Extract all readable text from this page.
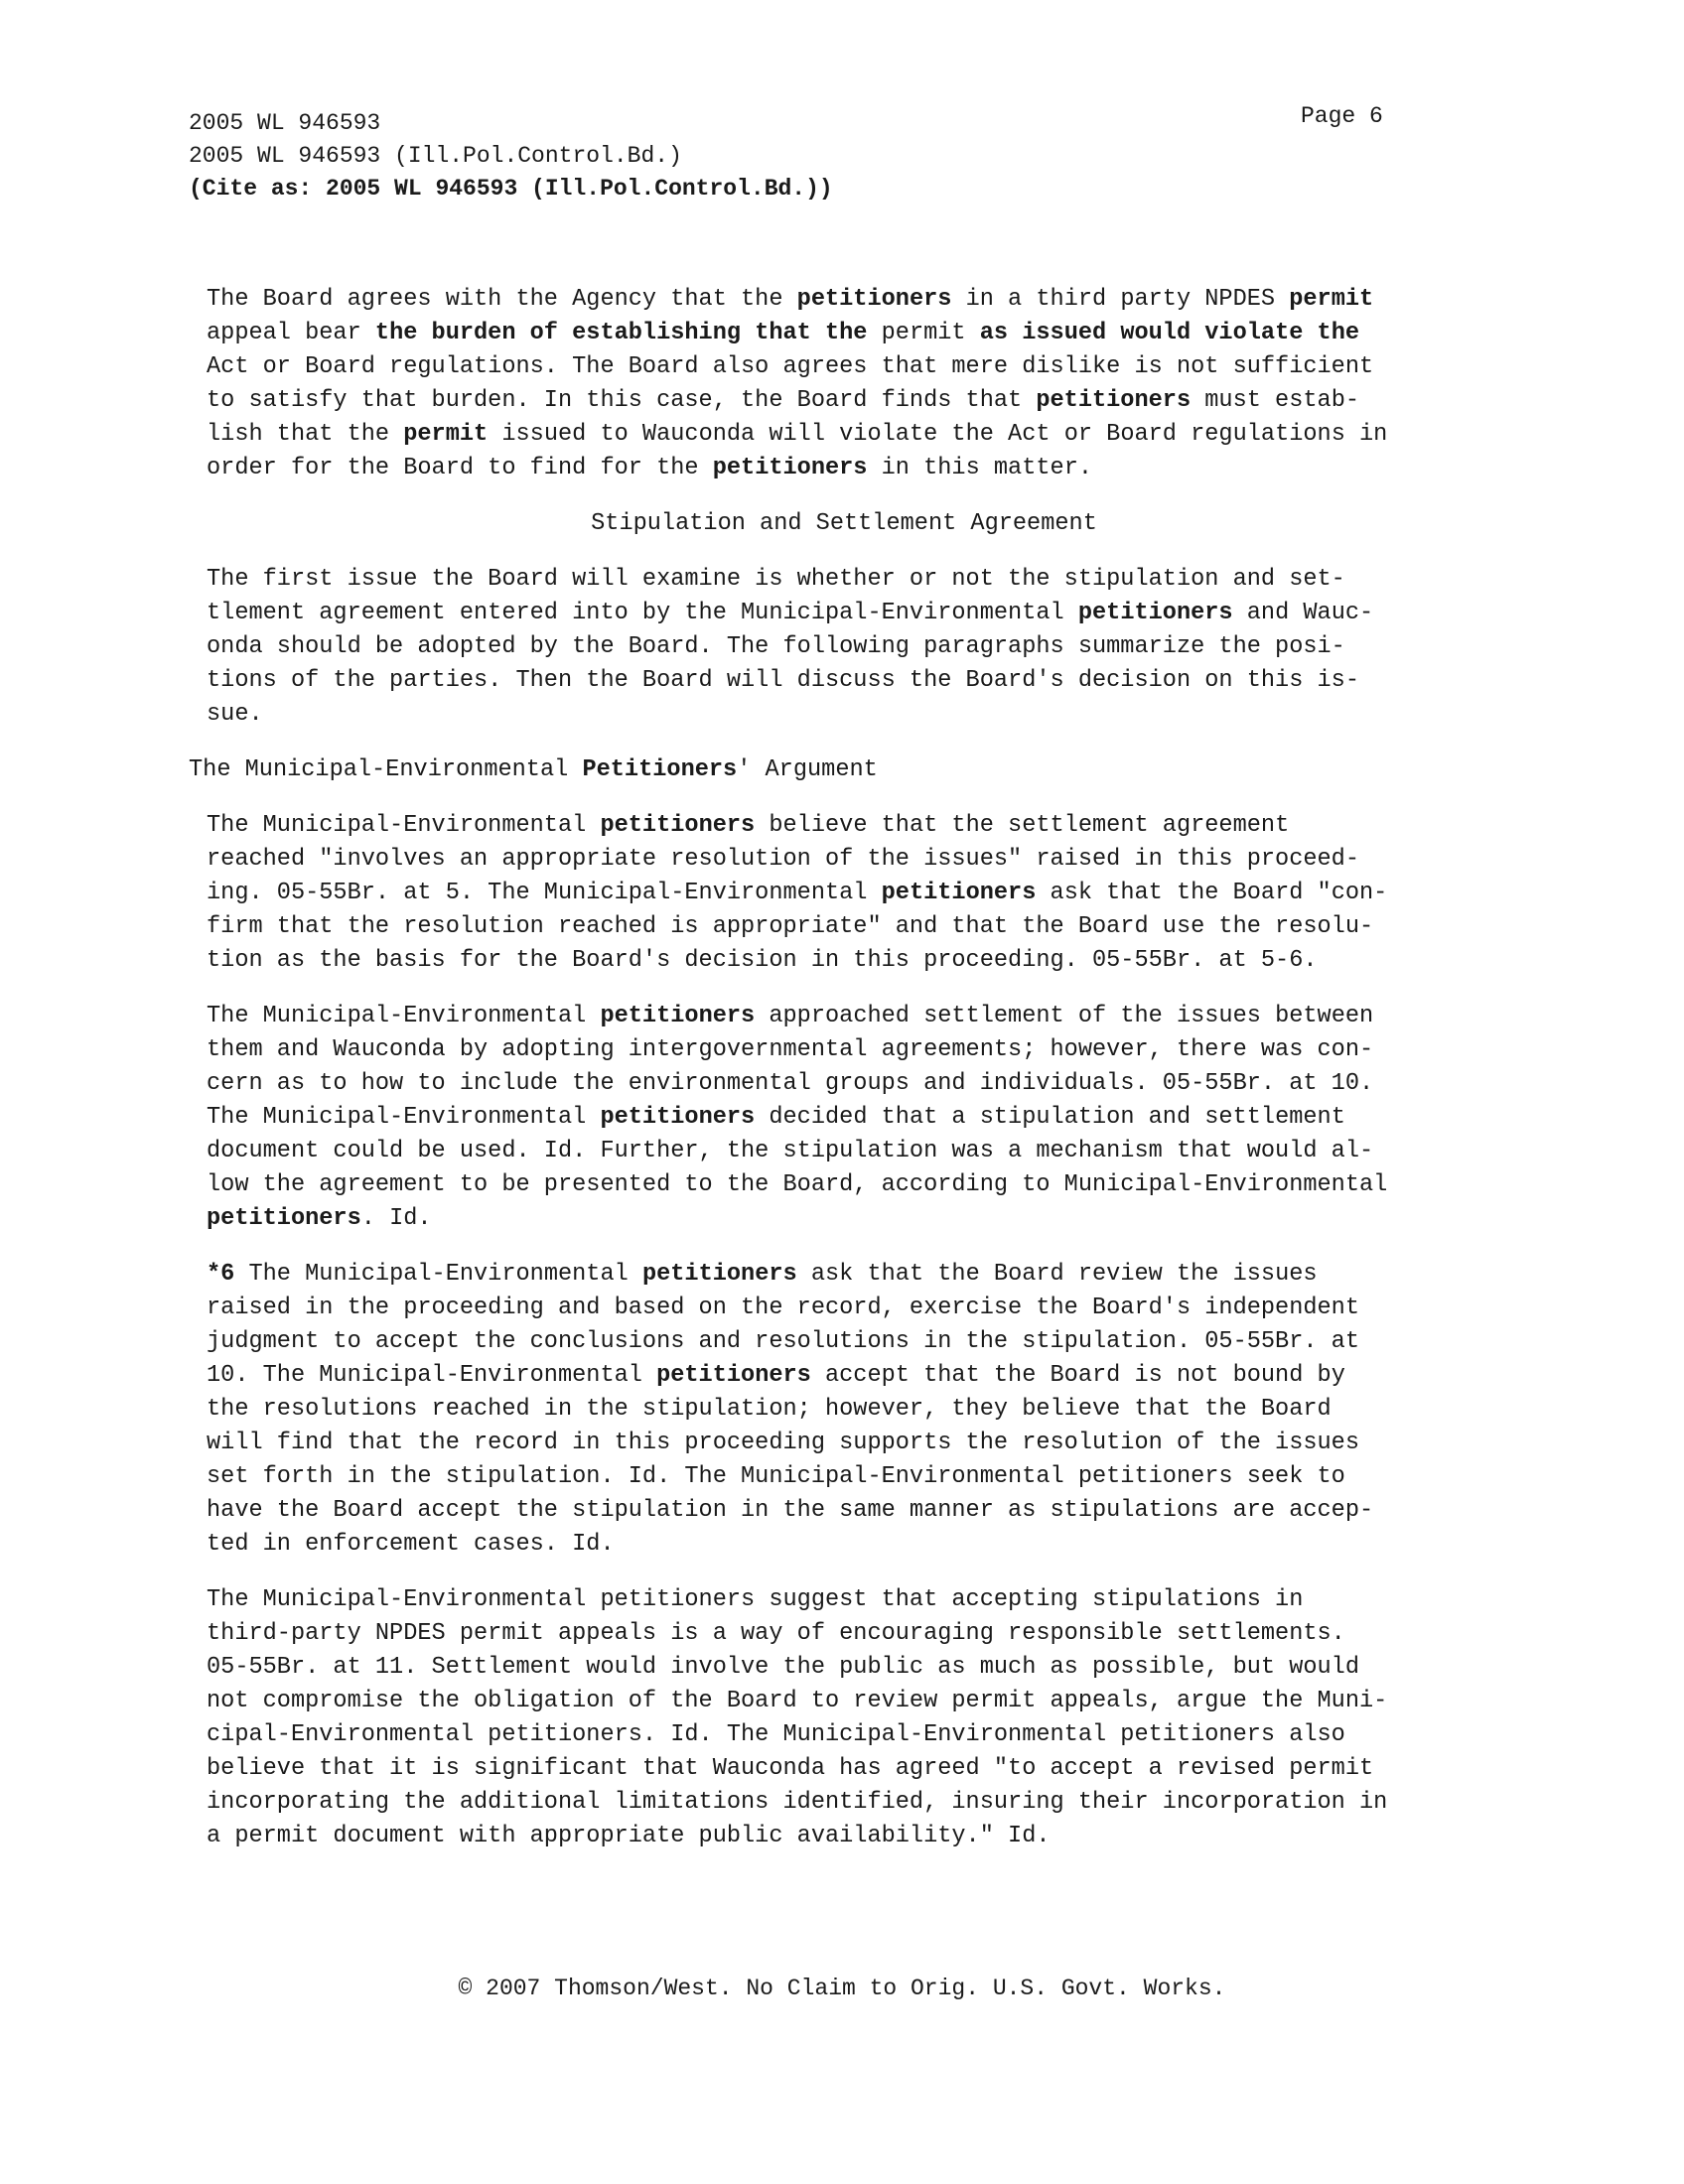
2005 WL 946593
2005 WL 946593 (Ill.Pol.Control.Bd.)
(Cite as: 2005 WL 946593 (Ill.Pol.Control.Bd.))
Page 6
The Board agrees with the Agency that the petitioners in a third party NPDES permit
appeal bear the burden of establishing that the permit as issued would violate the
Act or Board regulations. The Board also agrees that mere dislike is not sufficient
to satisfy that burden. In this case, the Board finds that petitioners must estab-
lish that the permit issued to Wauconda will violate the Act or Board regulations in
order for the Board to find for the petitioners in this matter.
Stipulation and Settlement Agreement
The first issue the Board will examine is whether or not the stipulation and set-
tlement agreement entered into by the Municipal-Environmental petitioners and Wauc-
onda should be adopted by the Board. The following paragraphs summarize the posi-
tions of the parties. Then the Board will discuss the Board's decision on this is-
sue.
The Municipal-Environmental Petitioners' Argument
The Municipal-Environmental petitioners believe that the settlement agreement
reached "involves an appropriate resolution of the issues" raised in this proceed-
ing. 05-55Br. at 5. The Municipal-Environmental petitioners ask that the Board "con-
firm that the resolution reached is appropriate" and that the Board use the resolu-
tion as the basis for the Board's decision in this proceeding. 05-55Br. at 5-6.
The Municipal-Environmental petitioners approached settlement of the issues between
them and Wauconda by adopting intergovernmental agreements; however, there was con-
cern as to how to include the environmental groups and individuals. 05-55Br. at 10.
The Municipal-Environmental petitioners decided that a stipulation and settlement
document could be used. Id. Further, the stipulation was a mechanism that would al-
low the agreement to be presented to the Board, according to Municipal-Environmental
petitioners. Id.
*6 The Municipal-Environmental petitioners ask that the Board review the issues
raised in the proceeding and based on the record, exercise the Board's independent
judgment to accept the conclusions and resolutions in the stipulation. 05-55Br. at
10. The Municipal-Environmental petitioners accept that the Board is not bound by
the resolutions reached in the stipulation; however, they believe that the Board
will find that the record in this proceeding supports the resolution of the issues
set forth in the stipulation. Id. The Municipal-Environmental petitioners seek to
have the Board accept the stipulation in the same manner as stipulations are accep-
ted in enforcement cases. Id.
The Municipal-Environmental petitioners suggest that accepting stipulations in
third-party NPDES permit appeals is a way of encouraging responsible settlements.
05-55Br. at 11. Settlement would involve the public as much as possible, but would
not compromise the obligation of the Board to review permit appeals, argue the Muni-
cipal-Environmental petitioners. Id. The Municipal-Environmental petitioners also
believe that it is significant that Wauconda has agreed "to accept a revised permit
incorporating the additional limitations identified, insuring their incorporation in
a permit document with appropriate public availability." Id.
© 2007 Thomson/West. No Claim to Orig. U.S. Govt. Works.
